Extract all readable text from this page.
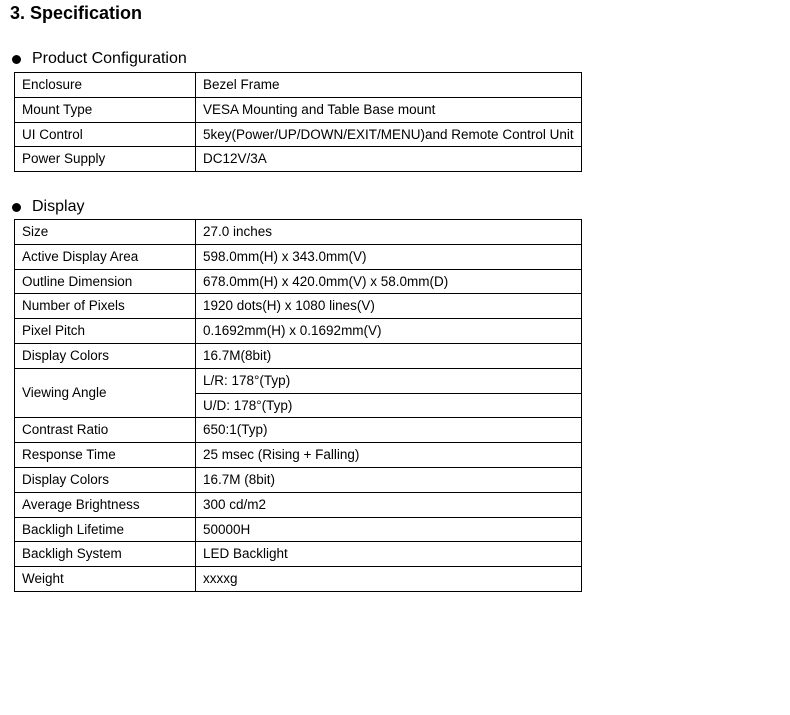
3. Specification
Product Configuration
Enclosure	Bezel Frame
Mount Type	VESA Mounting and Table Base mount
UI Control	5key(Power/UP/DOWN/EXIT/MENU)and Remote Control Unit
Power Supply	DC12V/3A
Display
Size	27.0 inches
Active Display Area	598.0mm(H) x 343.0mm(V)
Outline Dimension	678.0mm(H) x 420.0mm(V) x 58.0mm(D)
Number of Pixels	1920 dots(H) x 1080 lines(V)
Pixel Pitch	0.1692mm(H) x 0.1692mm(V)
Display Colors	16.7M(8bit)
Viewing Angle	L/R: 178°(Typ)
	U/D: 178°(Typ)
Contrast Ratio	650:1(Typ)
Response Time	25 msec (Rising + Falling)
Display Colors	16.7M (8bit)
Average Brightness	300 cd/m2
Backligh Lifetime	50000H
Backligh System	LED Backlight
Weight	xxxxg
